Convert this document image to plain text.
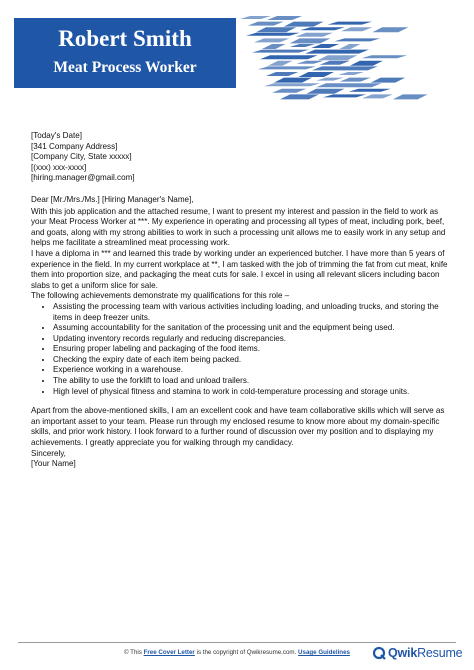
Robert Smith
Meat Process Worker

[Today's Date]

[341 Company Address]

[Company City, State xxxxx]

[(xxx) xxx-xxxx]

[hiring.manager@gmail.com]

Dear [Mr./Mrs./Ms.] [Hiring Manager's Name],

With this job application and the attached resume, I want to present my interest and passion in the field to work as your Meat Process Worker at ***. My experience in operating and processing all types of meat, including pork, beef, and goats, along with my strong abilities to work in such a processing unit allows me to easily work in any setup and helps me facilitate a streamlined meat processing work.

I have a diploma in *** and learned this trade by working under an experienced butcher. I have more than 5 years of experience in the field. In my current workplace at **, I am tasked with the job of trimming the fat from cut meat, knife them into proportion size, and packaging the meat cuts for sale. I excel in using all relevant slicers including bacon slabs to get a uniform slice for sale.

The following achievements demonstrate my qualifications for this role –

• Assisting the processing team with various activities including loading, and unloading trucks, and storing the items in deep freezer units.
• Assuming accountability for the sanitation of the processing unit and the equipment being used.
• Updating inventory records regularly and reducing discrepancies.
• Ensuring proper labeling and packaging of the food items.
• Checking the expiry date of each item being packed.
• Experience working in a warehouse.
• The ability to use the forklift to load and unload trailers.
• High level of physical fitness and stamina to work in cold-temperature processing and storage units.

Apart from the above-mentioned skills, I am an excellent cook and have team collaborative skills which will serve as an important asset to your team. Please run through my enclosed resume to know more about my domain-specific skills, and prior work history. I look forward to a further round of discussion over my position and to displaying my achievements. I greatly appreciate you for walking through my candidacy.

Sincerely,

[Your Name]

© This Free Cover Letter is the copyright of Qwikresume.com. Usage Guidelines	QwikResume
